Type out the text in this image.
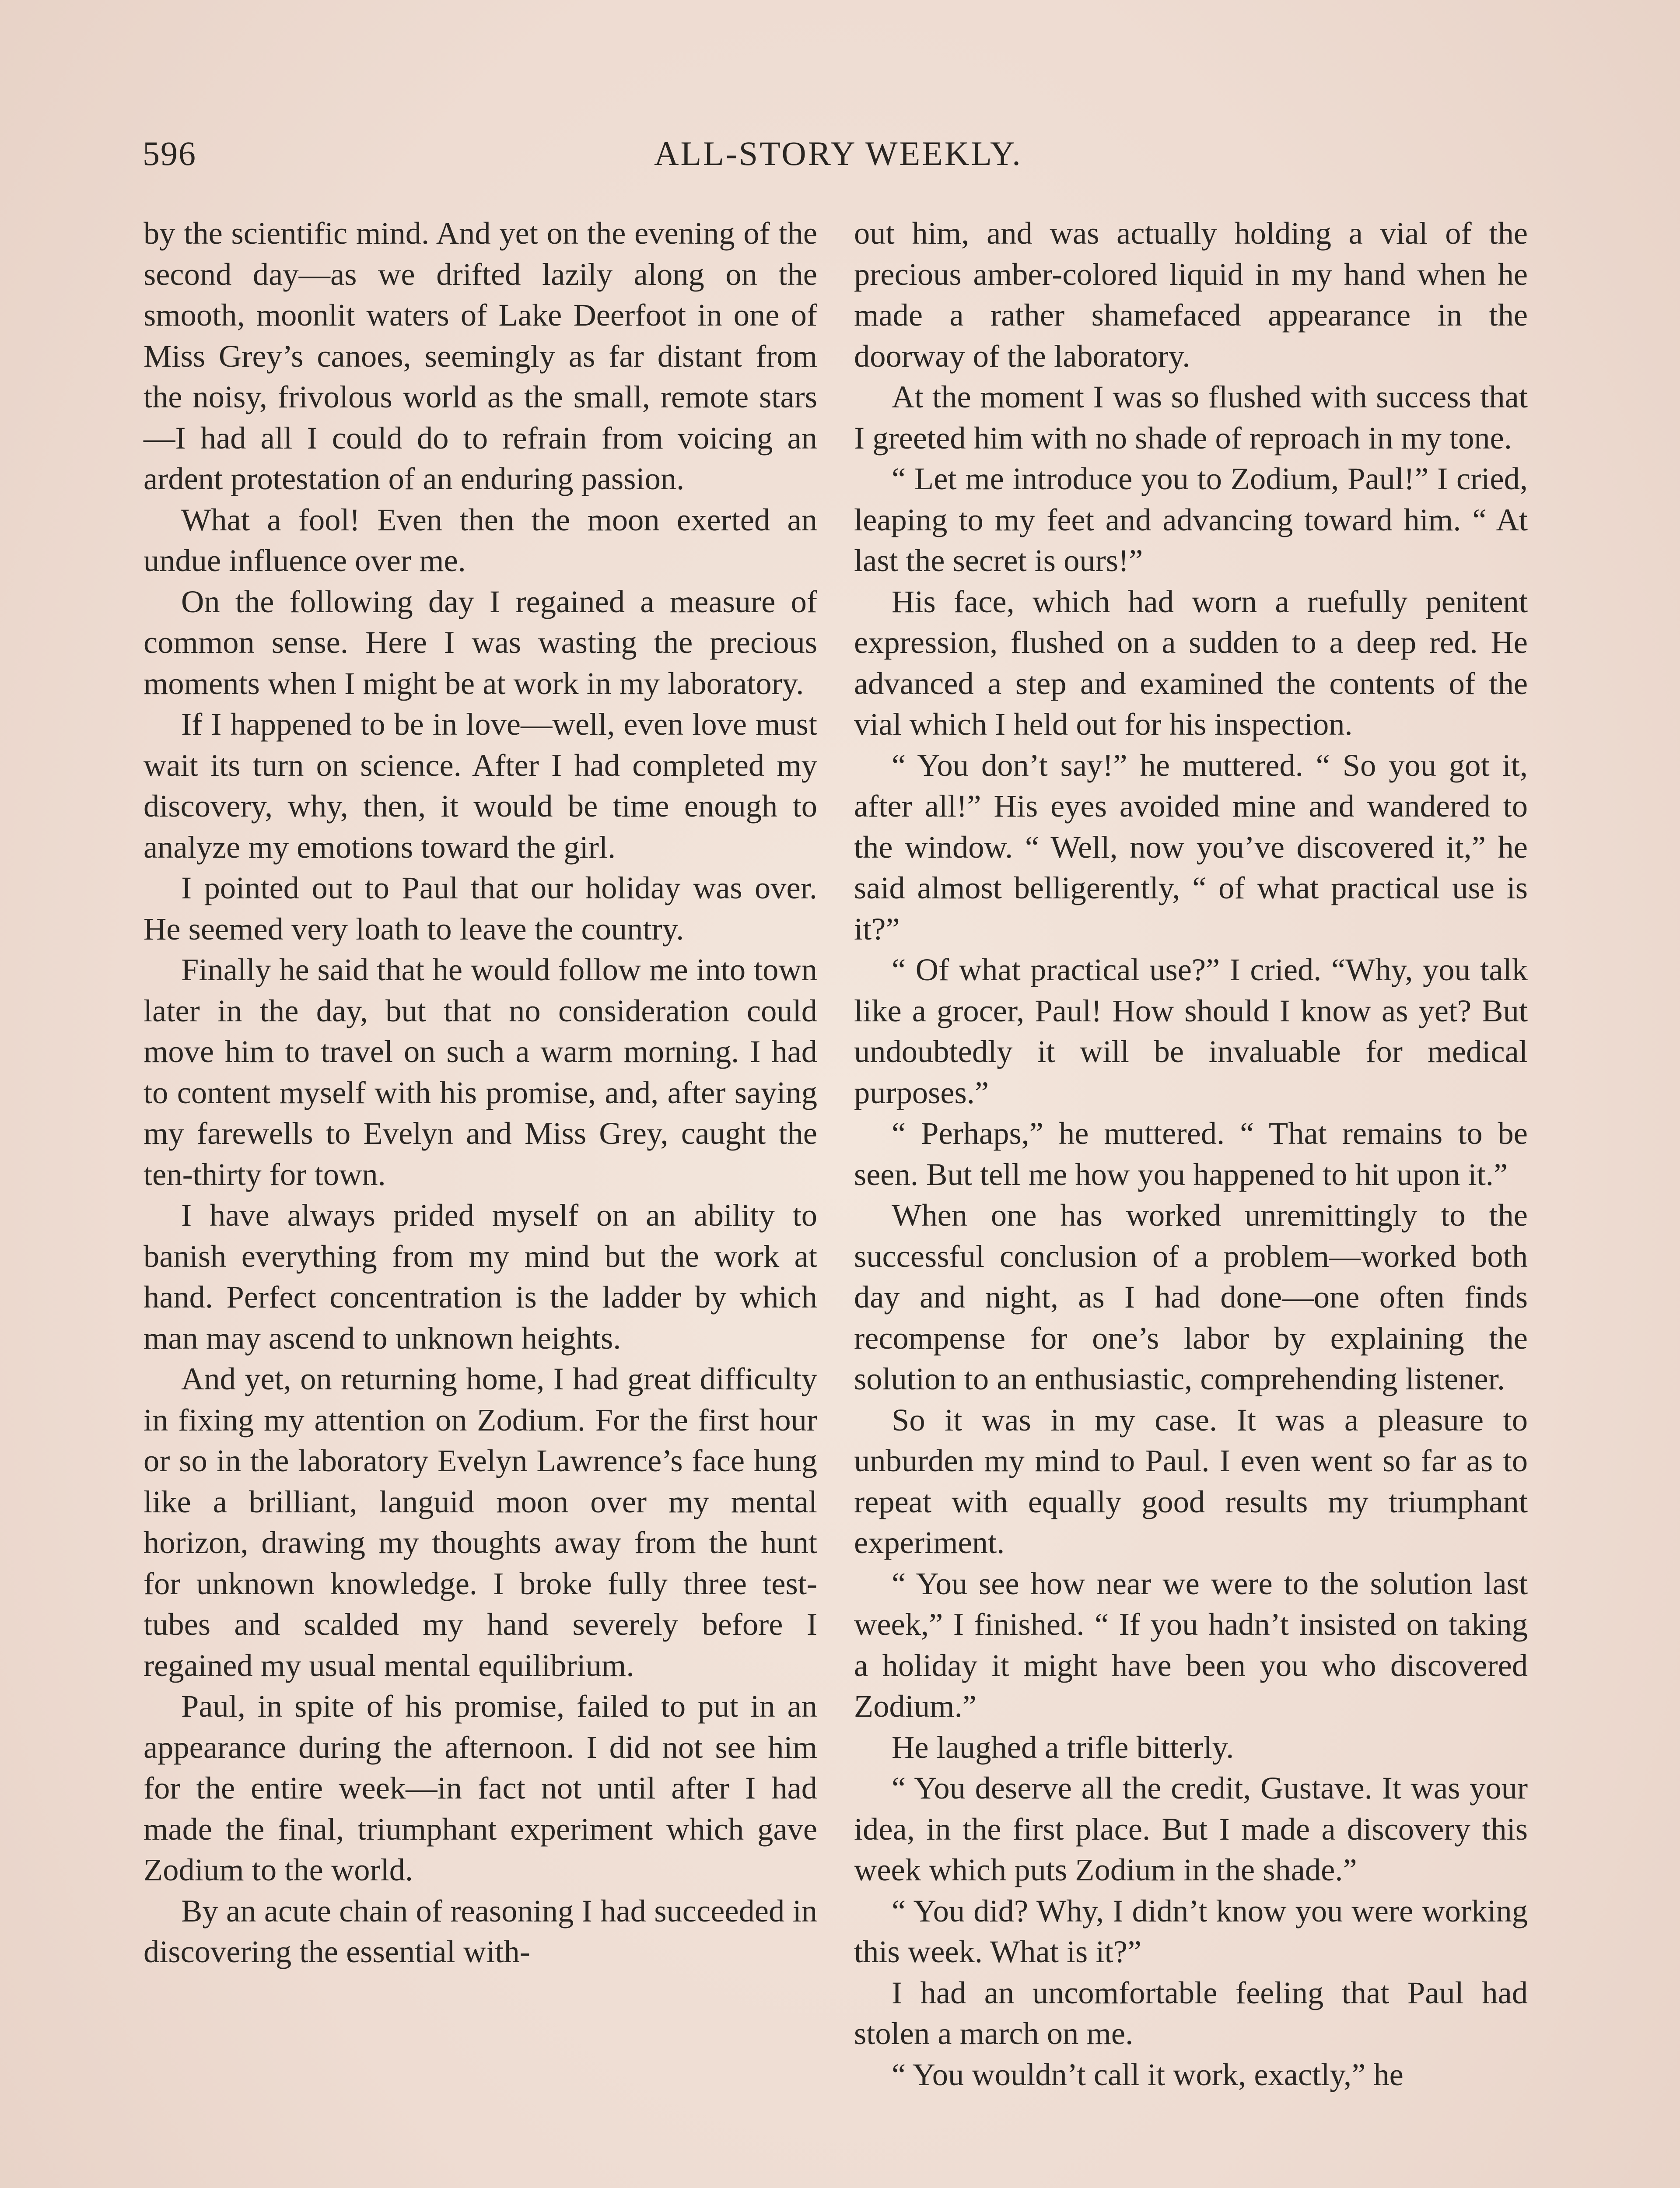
596	ALL-STORY WEEKLY.

by the scientific mind. And yet on the evening of the second day—as we drifted lazily along on the smooth, moonlit waters of Lake Deerfoot in one of Miss Grey’s canoes, seemingly as far distant from the noisy, frivolous world as the small, remote stars—I had all I could do to refrain from voicing an ardent protestation of an enduring passion.

What a fool! Even then the moon exerted an undue influence over me.

On the following day I regained a measure of common sense. Here I was wasting the precious moments when I might be at work in my laboratory.

If I happened to be in love—well, even love must wait its turn on science. After I had completed my discovery, why, then, it would be time enough to analyze my emotions toward the girl.

I pointed out to Paul that our holiday was over. He seemed very loath to leave the country.

Finally he said that he would follow me into town later in the day, but that no consideration could move him to travel on such a warm morning. I had to content myself with his promise, and, after saying my farewells to Evelyn and Miss Grey, caught the ten-thirty for town.

I have always prided myself on an ability to banish everything from my mind but the work at hand. Perfect concentration is the ladder by which man may ascend to unknown heights.

And yet, on returning home, I had great difficulty in fixing my attention on Zodium. For the first hour or so in the laboratory Evelyn Lawrence’s face hung like a brilliant, languid moon over my mental horizon, drawing my thoughts away from the hunt for unknown knowledge. I broke fully three test-tubes and scalded my hand severely before I regained my usual mental equilibrium.

Paul, in spite of his promise, failed to put in an appearance during the afternoon. I did not see him for the entire week—in fact not until after I had made the final, triumphant experiment which gave Zodium to the world.

By an acute chain of reasoning I had succeeded in discovering the essential with-

out him, and was actually holding a vial of the precious amber-colored liquid in my hand when he made a rather shamefaced appearance in the doorway of the laboratory.

At the moment I was so flushed with success that I greeted him with no shade of reproach in my tone.

“ Let me introduce you to Zodium, Paul!” I cried, leaping to my feet and advancing toward him. “ At last the secret is ours!”

His face, which had worn a ruefully penitent expression, flushed on a sudden to a deep red. He advanced a step and examined the contents of the vial which I held out for his inspection.

“ You don’t say!” he muttered. “ So you got it, after all!” His eyes avoided mine and wandered to the window. “ Well, now you’ve discovered it,” he said almost belligerently, “ of what practical use is it?”

“ Of what practical use?” I cried. “Why, you talk like a grocer, Paul! How should I know as yet? But undoubtedly it will be invaluable for medical purposes.”

“ Perhaps,” he muttered. “ That remains to be seen. But tell me how you happened to hit upon it.”

When one has worked unremittingly to the successful conclusion of a problem—worked both day and night, as I had done—one often finds recompense for one’s labor by explaining the solution to an enthusiastic, comprehending listener.

So it was in my case. It was a pleasure to unburden my mind to Paul. I even went so far as to repeat with equally good results my triumphant experiment.

“ You see how near we were to the solution last week,” I finished. “ If you hadn’t insisted on taking a holiday it might have been you who discovered Zodium.”

He laughed a trifle bitterly.

“ You deserve all the credit, Gustave. It was your idea, in the first place. But I made a discovery this week which puts Zodium in the shade.”

“ You did? Why, I didn’t know you were working this week. What is it?”

I had an uncomfortable feeling that Paul had stolen a march on me.

“ You wouldn’t call it work, exactly,” he
